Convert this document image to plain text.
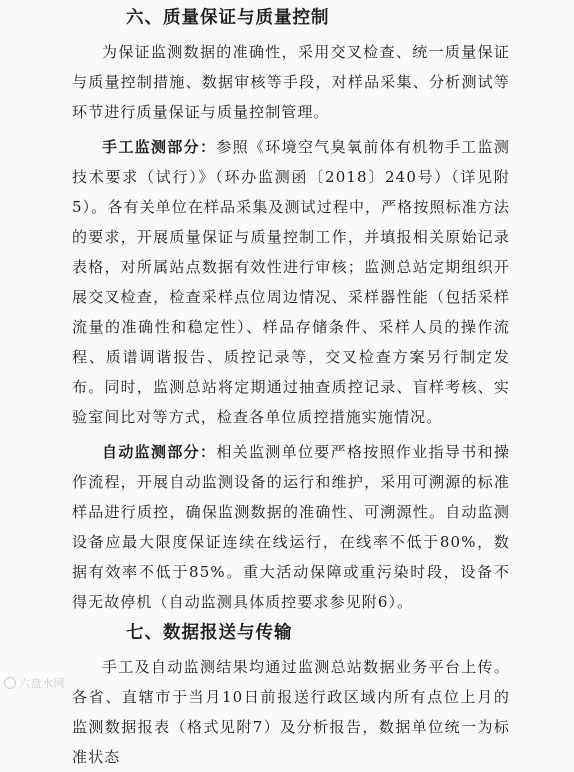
六、质量保证与质量控制

为保证监测数据的准确性，采用交叉检查、统一质量保证与质量控制措施、数据审核等手段，对样品采集、分析测试等环节进行质量保证与质量控制管理。

手工监测部分：参照《环境空气臭氧前体有机物手工监测技术要求（试行）》（环办监测函〔2018〕240号）（详见附5）。各有关单位在样品采集及测试过程中，严格按照标准方法的要求，开展质量保证与质量控制工作，并填报相关原始记录表格，对所属站点数据有效性进行审核；监测总站定期组织开展交叉检查，检查采样点位周边情况、采样器性能（包括采样流量的准确性和稳定性）、样品存储条件、采样人员的操作流程、质谱调谐报告、质控记录等，交叉检查方案另行制定发布。同时，监测总站将定期通过抽查质控记录、盲样考核、实验室间比对等方式，检查各单位质控措施实施情况。

自动监测部分：相关监测单位要严格按照作业指导书和操作流程，开展自动监测设备的运行和维护，采用可溯源的标准样品进行质控，确保监测数据的准确性、可溯源性。自动监测设备应最大限度保证连续在线运行，在线率不低于80%，数据有效率不低于85%。重大活动保障或重污染时段，设备不得无故停机（自动监测具体质控要求参见附6）。

七、数据报送与传输

手工及自动监测结果均通过监测总站数据业务平台上传。各省、直辖市于当月10日前报送行政区域内所有点位上月的监测数据报表（格式见附7）及分析报告，数据单位统一为标准状态

六盘水网
